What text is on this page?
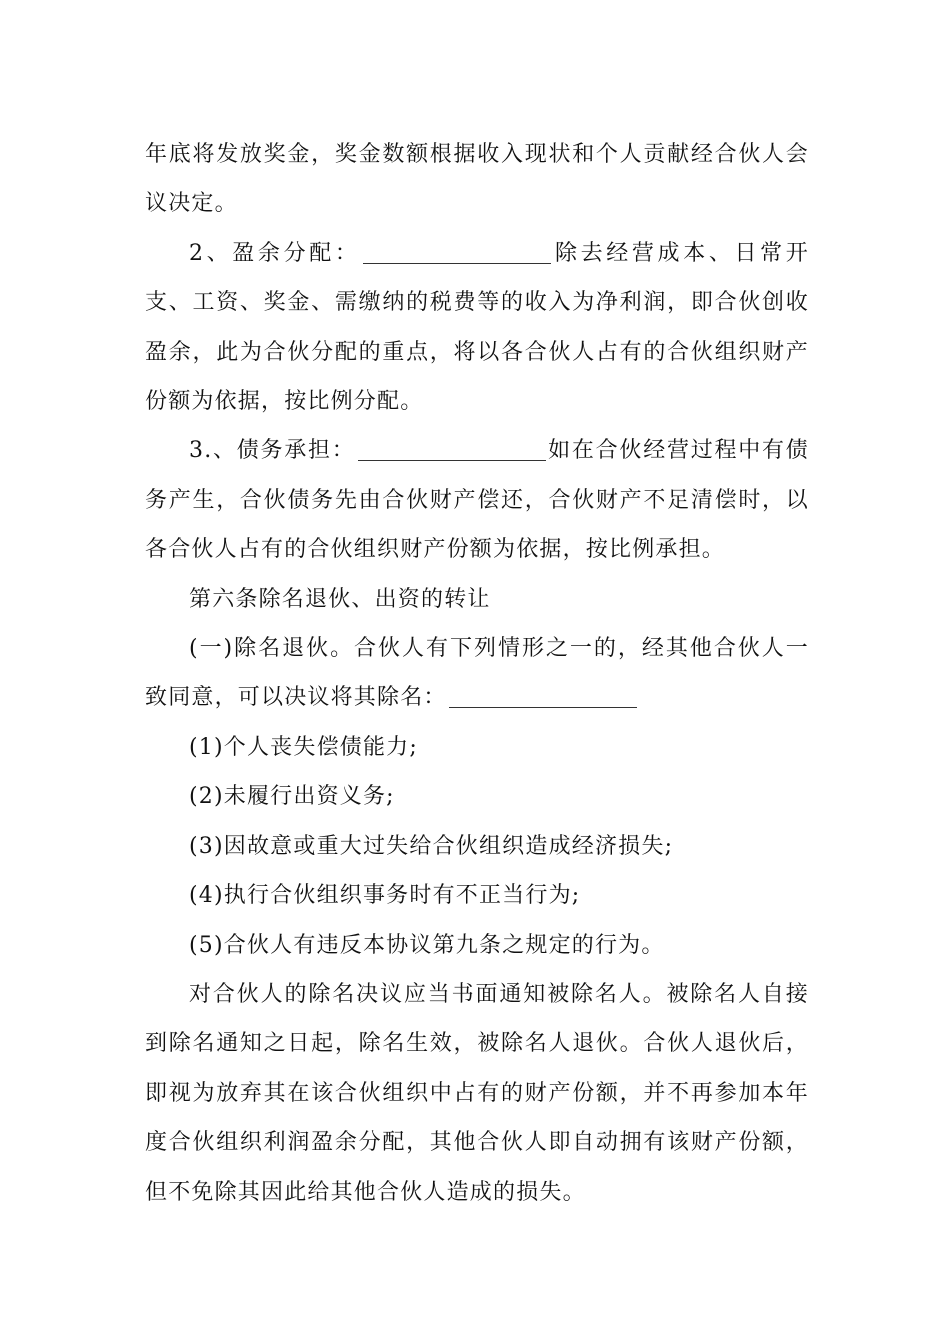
年底将发放奖金，奖金数额根据收入现状和个人贡献经合伙人会议决定。

2、盈余分配：	除去经营成本、日常开支、工资、奖金、需缴纳的税费等的收入为净利润，即合伙创收盈余，此为合伙分配的重点，将以各合伙人占有的合伙组织财产份额为依据，按比例分配。

3.、债务承担：	如在合伙经营过程中有债务产生，合伙债务先由合伙财产偿还，合伙财产不足清偿时，以各合伙人占有的合伙组织财产份额为依据，按比例承担。

第六条除名退伙、出资的转让

(一)除名退伙。合伙人有下列情形之一的，经其他合伙人一致同意，可以决议将其除名：

(1)个人丧失偿债能力;

(2)未履行出资义务;

(3)因故意或重大过失给合伙组织造成经济损失;

(4)执行合伙组织事务时有不正当行为;

(5)合伙人有违反本协议第九条之规定的行为。

对合伙人的除名决议应当书面通知被除名人。被除名人自接到除名通知之日起，除名生效，被除名人退伙。合伙人退伙后，即视为放弃其在该合伙组织中占有的财产份额，并不再参加本年度合伙组织利润盈余分配，其他合伙人即自动拥有该财产份额，但不免除其因此给其他合伙人造成的损失。
